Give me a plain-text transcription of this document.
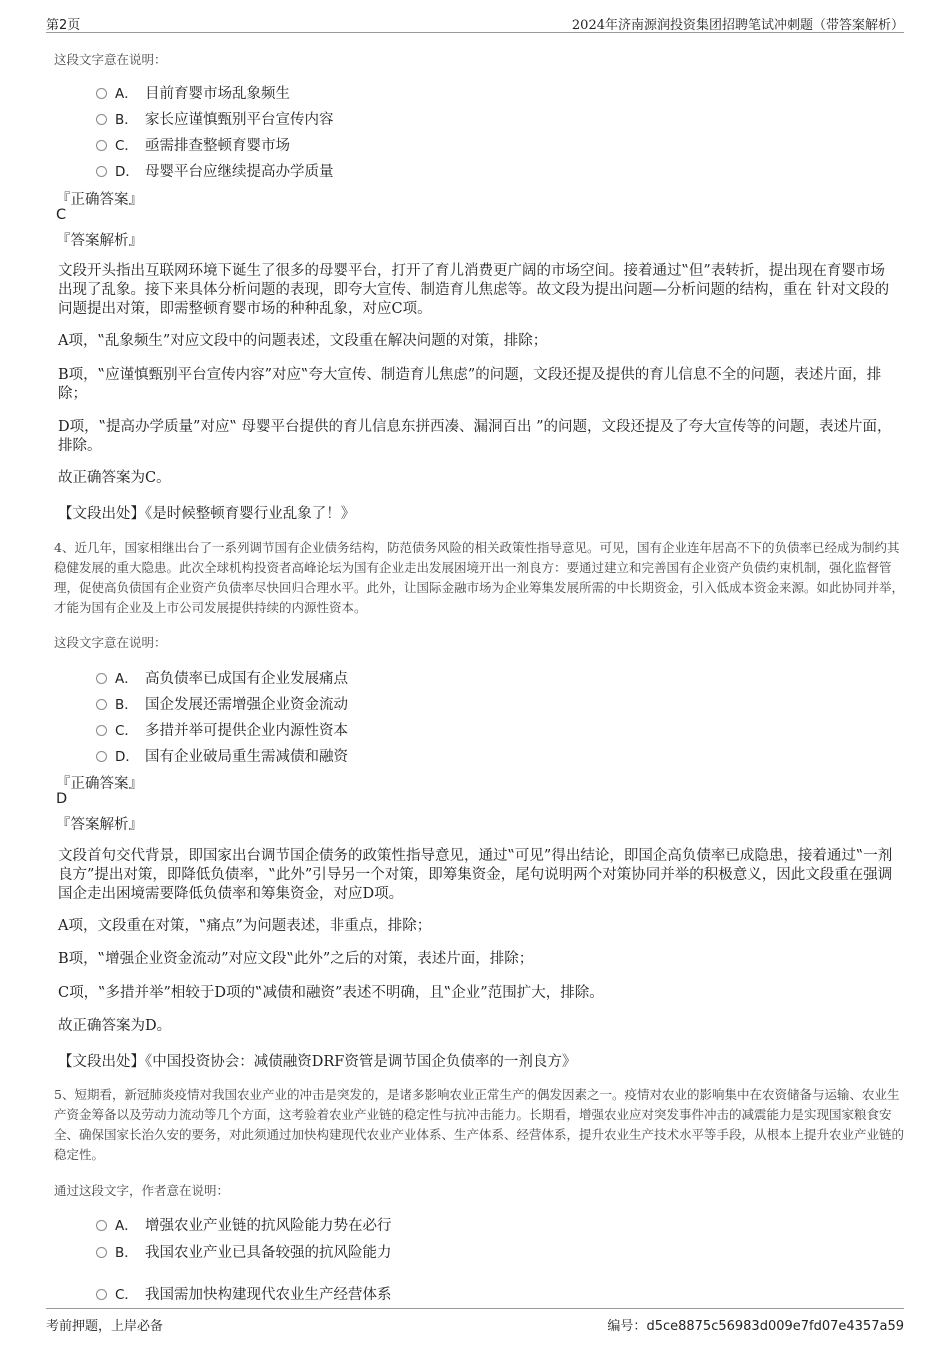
第2页	2024年济南源润投资集团招聘笔试冲刺题（带答案解析）
这段文字意在说明：
A． 目前育婴市场乱象频生
B． 家长应谨慎甄别平台宣传内容
C． 亟需排查整顿育婴市场
D． 母婴平台应继续提高办学质量
『正确答案』
C
『答案解析』
文段开头指出互联网环境下诞生了很多的母婴平台，打开了育儿消费更广阔的市场空间。接着通过‟但”表转折，提出现在育婴市场出现了乱象。接下来具体分析问题的表现，即夸大宣传、制造育儿焦虑等。故文段为提出问题—分析问题的结构，重在 针对文段的问题提出对策，即需整顿育婴市场的种种乱象，对应C项。
A项，‟乱象频生”对应文段中的问题表述，文段重在解决问题的对策，排除；
B项，‟应谨慎甄别平台宣传内容”对应‟夸大宣传、制造育儿焦虑”的问题，文段还提及提供的育儿信息不全的问题，表述片面，排除；
D项，‟提高办学质量”对应‟ 母婴平台提供的育儿信息东拼西凑、漏洞百出 ”的问题，文段还提及了夸大宣传等的问题，表述片面，排除。
故正确答案为C。
【文段出处】《是时候整顿育婴行业乱象了！》
4、近几年，国家相继出台了一系列调节国有企业债务结构，防范债务风险的相关政策性指导意见。可见，国有企业连年居高不下的负债率已经成为制约其稳健发展的重大隐患。此次全球机构投资者高峰论坛为国有企业走出发展困境开出一剂良方：要通过建立和完善国有企业资产负债约束机制，强化监督管理，促使高负债国有企业资产负债率尽快回归合理水平。此外，让国际金融市场为企业筹集发展所需的中长期资金，引入低成本资金来源。如此协同并举，才能为国有企业及上市公司发展提供持续的内源性资本。
这段文字意在说明：
A． 高负债率已成国有企业发展痛点
B． 国企发展还需增强企业资金流动
C． 多措并举可提供企业内源性资本
D． 国有企业破局重生需减债和融资
『正确答案』
D
『答案解析』
文段首句交代背景，即国家出台调节国企债务的政策性指导意见，通过‟可见”得出结论，即国企高负债率已成隐患，接着通过‟一剂良方”提出对策，即降低负债率，‟此外”引导另一个对策，即筹集资金，尾句说明两个对策协同并举的积极意义，因此文段重在强调国企走出困境需要降低负债率和筹集资金，对应D项。
A项，文段重在对策，‟痛点”为问题表述，非重点，排除；
B项，‟增强企业资金流动”对应文段‟此外”之后的对策，表述片面，排除；
C项，‟多措并举”相较于D项的‟减债和融资”表述不明确，且‟企业”范围扩大，排除。
故正确答案为D。
【文段出处】《中国投资协会：减债融资DRF资管是调节国企负债率的一剂良方》
5、短期看，新冠肺炎疫情对我国农业产业的冲击是突发的，是诸多影响农业正常生产的偶发因素之一。疫情对农业的影响集中在农资储备与运输、农业生产资金筹备以及劳动力流动等几个方面，这考验着农业产业链的稳定性与抗冲击能力。长期看，增强农业应对突发事件冲击的减震能力是实现国家粮食安全、确保国家长治久安的要务，对此须通过加快构建现代农业产业体系、生产体系、经营体系，提升农业生产技术水平等手段，从根本上提升农业产业链的稳定性。
通过这段文字，作者意在说明：
A． 增强农业产业链的抗风险能力势在必行
B． 我国农业产业已具备较强的抗风险能力
C． 我国需加快构建现代农业生产经营体系
考前押题，上岸必备	编号：d5ce8875c56983d009e7fd07e4357a59
